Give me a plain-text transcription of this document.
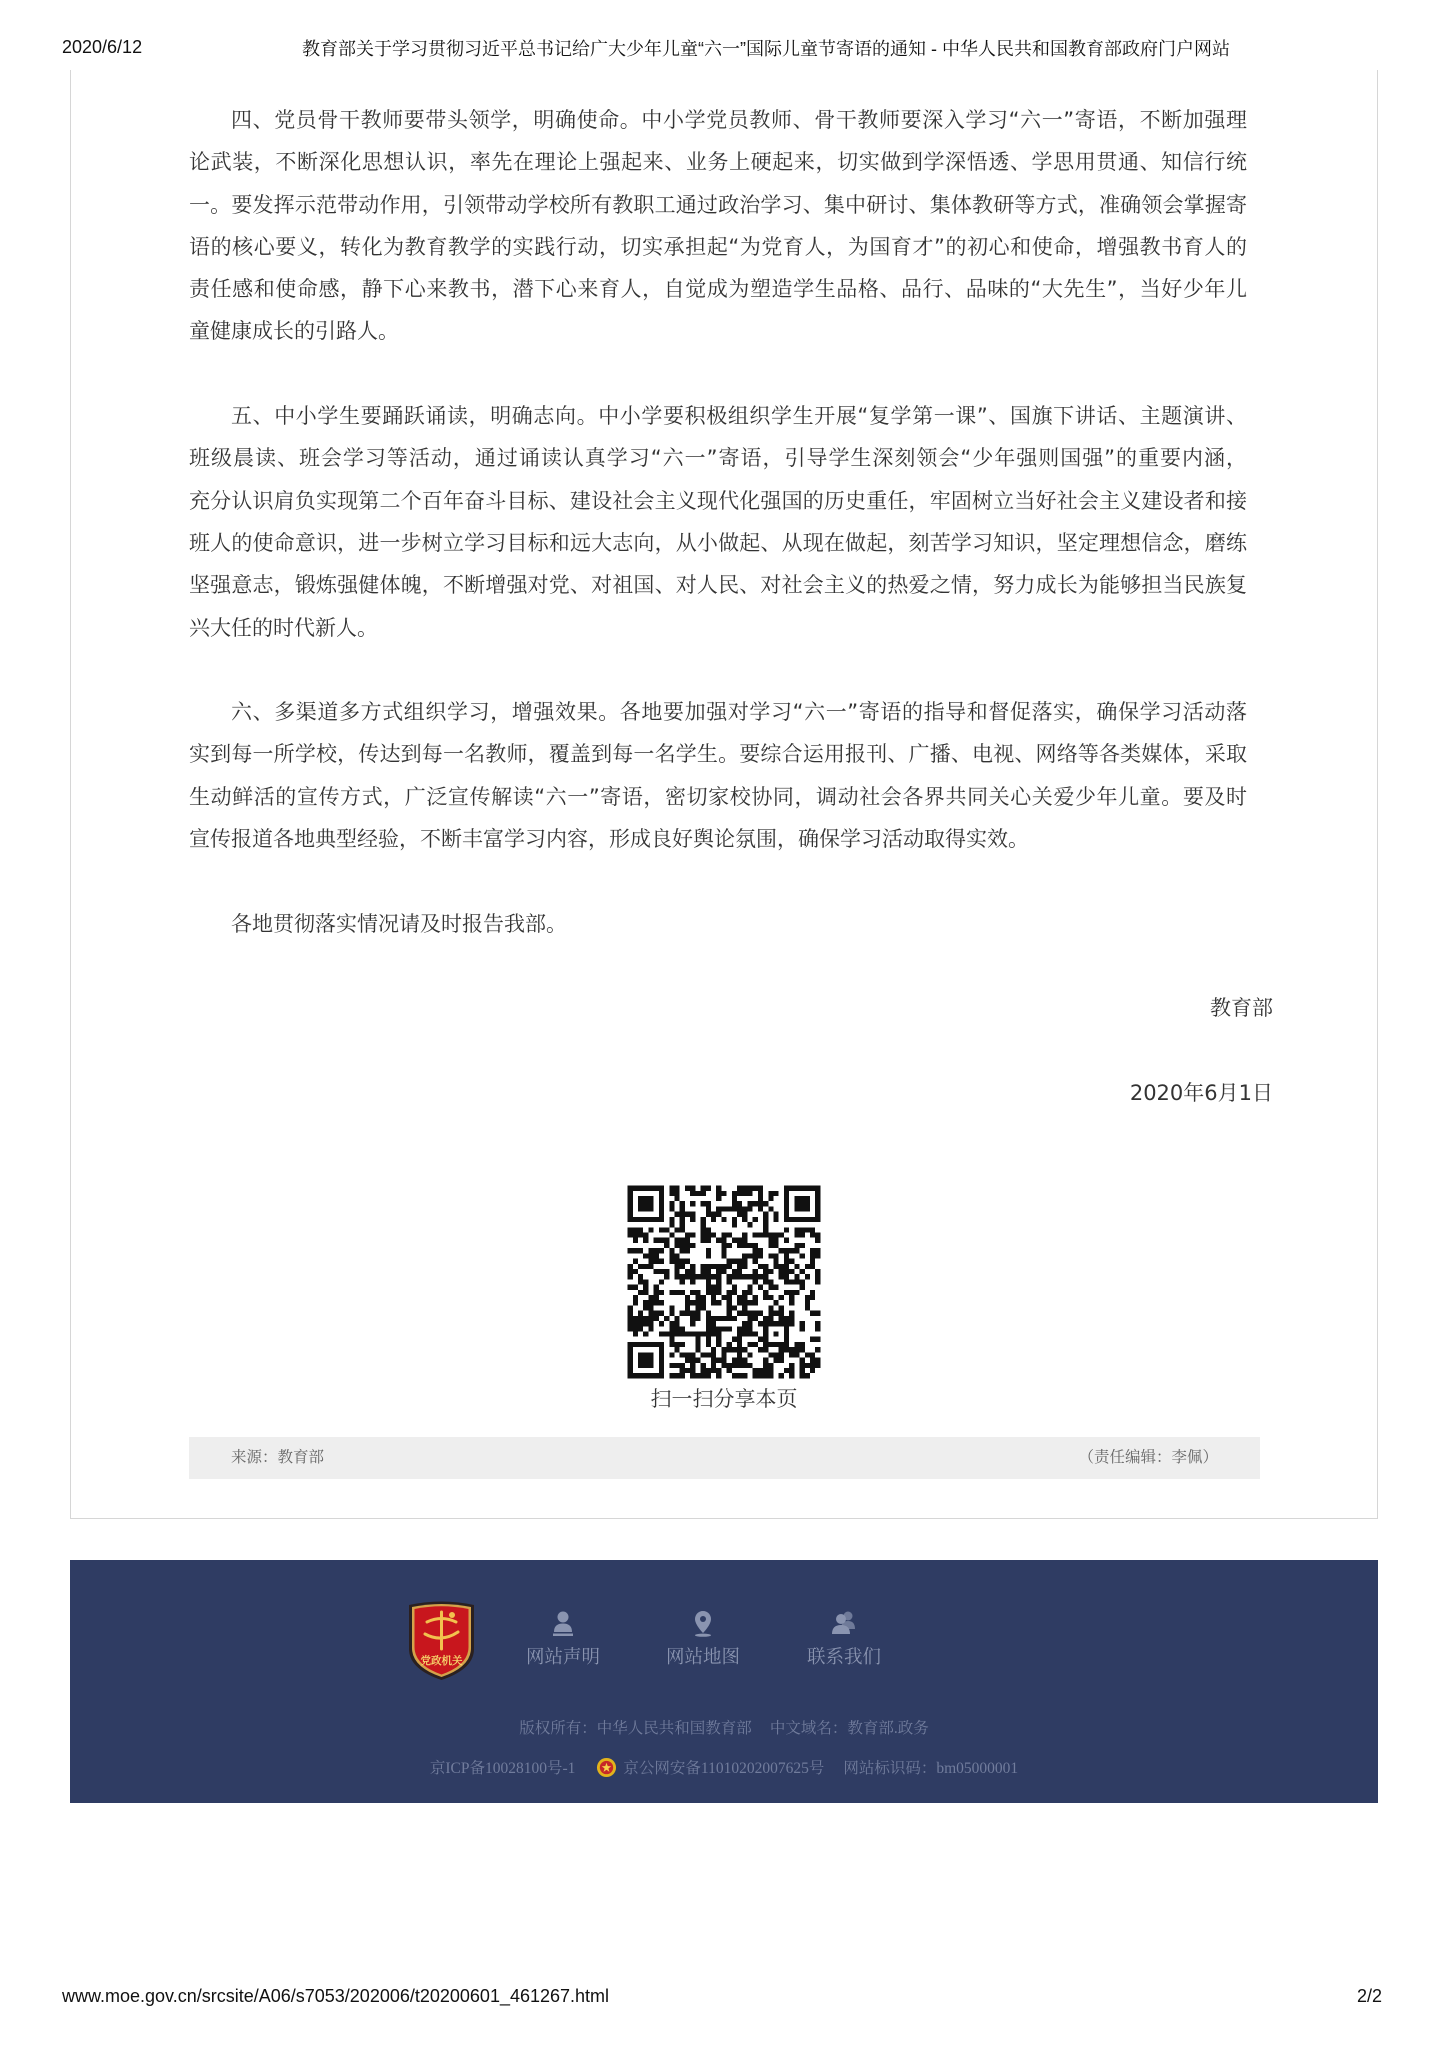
2020/6/12	教育部关于学习贯彻习近平总书记给广大少年儿童“六一”国际儿童节寄语的通知 - 中华人民共和国教育部政府门户网站
四、党员骨干教师要带头领学，明确使命。中小学党员教师、骨干教师要深入学习“六一”寄语，不断加强理
论武装，不断深化思想认识，率先在理论上强起来、业务上硬起来，切实做到学深悟透、学思用贯通、知信行统
一。要发挥示范带动作用，引领带动学校所有教职工通过政治学习、集中研讨、集体教研等方式，准确领会掌握寄
语的核心要义，转化为教育教学的实践行动，切实承担起“为党育人，为国育才”的初心和使命，增强教书育人的
责任感和使命感，静下心来教书，潜下心来育人，自觉成为塑造学生品格、品行、品味的“大先生”，当好少年儿
童健康成长的引路人。
五、中小学生要踊跃诵读，明确志向。中小学要积极组织学生开展“复学第一课”、国旗下讲话、主题演讲、
班级晨读、班会学习等活动，通过诵读认真学习“六一”寄语，引导学生深刻领会“少年强则国强”的重要内涵，
充分认识肩负实现第二个百年奋斗目标、建设社会主义现代化强国的历史重任，牢固树立当好社会主义建设者和接
班人的使命意识，进一步树立学习目标和远大志向，从小做起、从现在做起，刻苦学习知识，坚定理想信念，磨练
坚强意志，锻炼强健体魄，不断增强对党、对祖国、对人民、对社会主义的热爱之情，努力成长为能够担当民族复
兴大任的时代新人。
六、多渠道多方式组织学习，增强效果。各地要加强对学习“六一”寄语的指导和督促落实，确保学习活动落
实到每一所学校，传达到每一名教师，覆盖到每一名学生。要综合运用报刊、广播、电视、网络等各类媒体，采取
生动鲜活的宣传方式，广泛宣传解读“六一”寄语，密切家校协同，调动社会各界共同关心关爱少年儿童。要及时
宣传报道各地典型经验，不断丰富学习内容，形成良好舆论氛围，确保学习活动取得实效。
各地贯彻落实情况请及时报告我部。
教育部
2020年6月1日
扫一扫分享本页
来源：教育部	（责任编辑：李佩）
党政机关	网站声明	网站地图	联系我们
版权所有：中华人民共和国教育部 中文域名：教育部.政务
京ICP备10028100号-1	京公网安备11010202007625号 网站标识码：bm05000001
www.moe.gov.cn/srcsite/A06/s7053/202006/t20200601_461267.html	2/2
